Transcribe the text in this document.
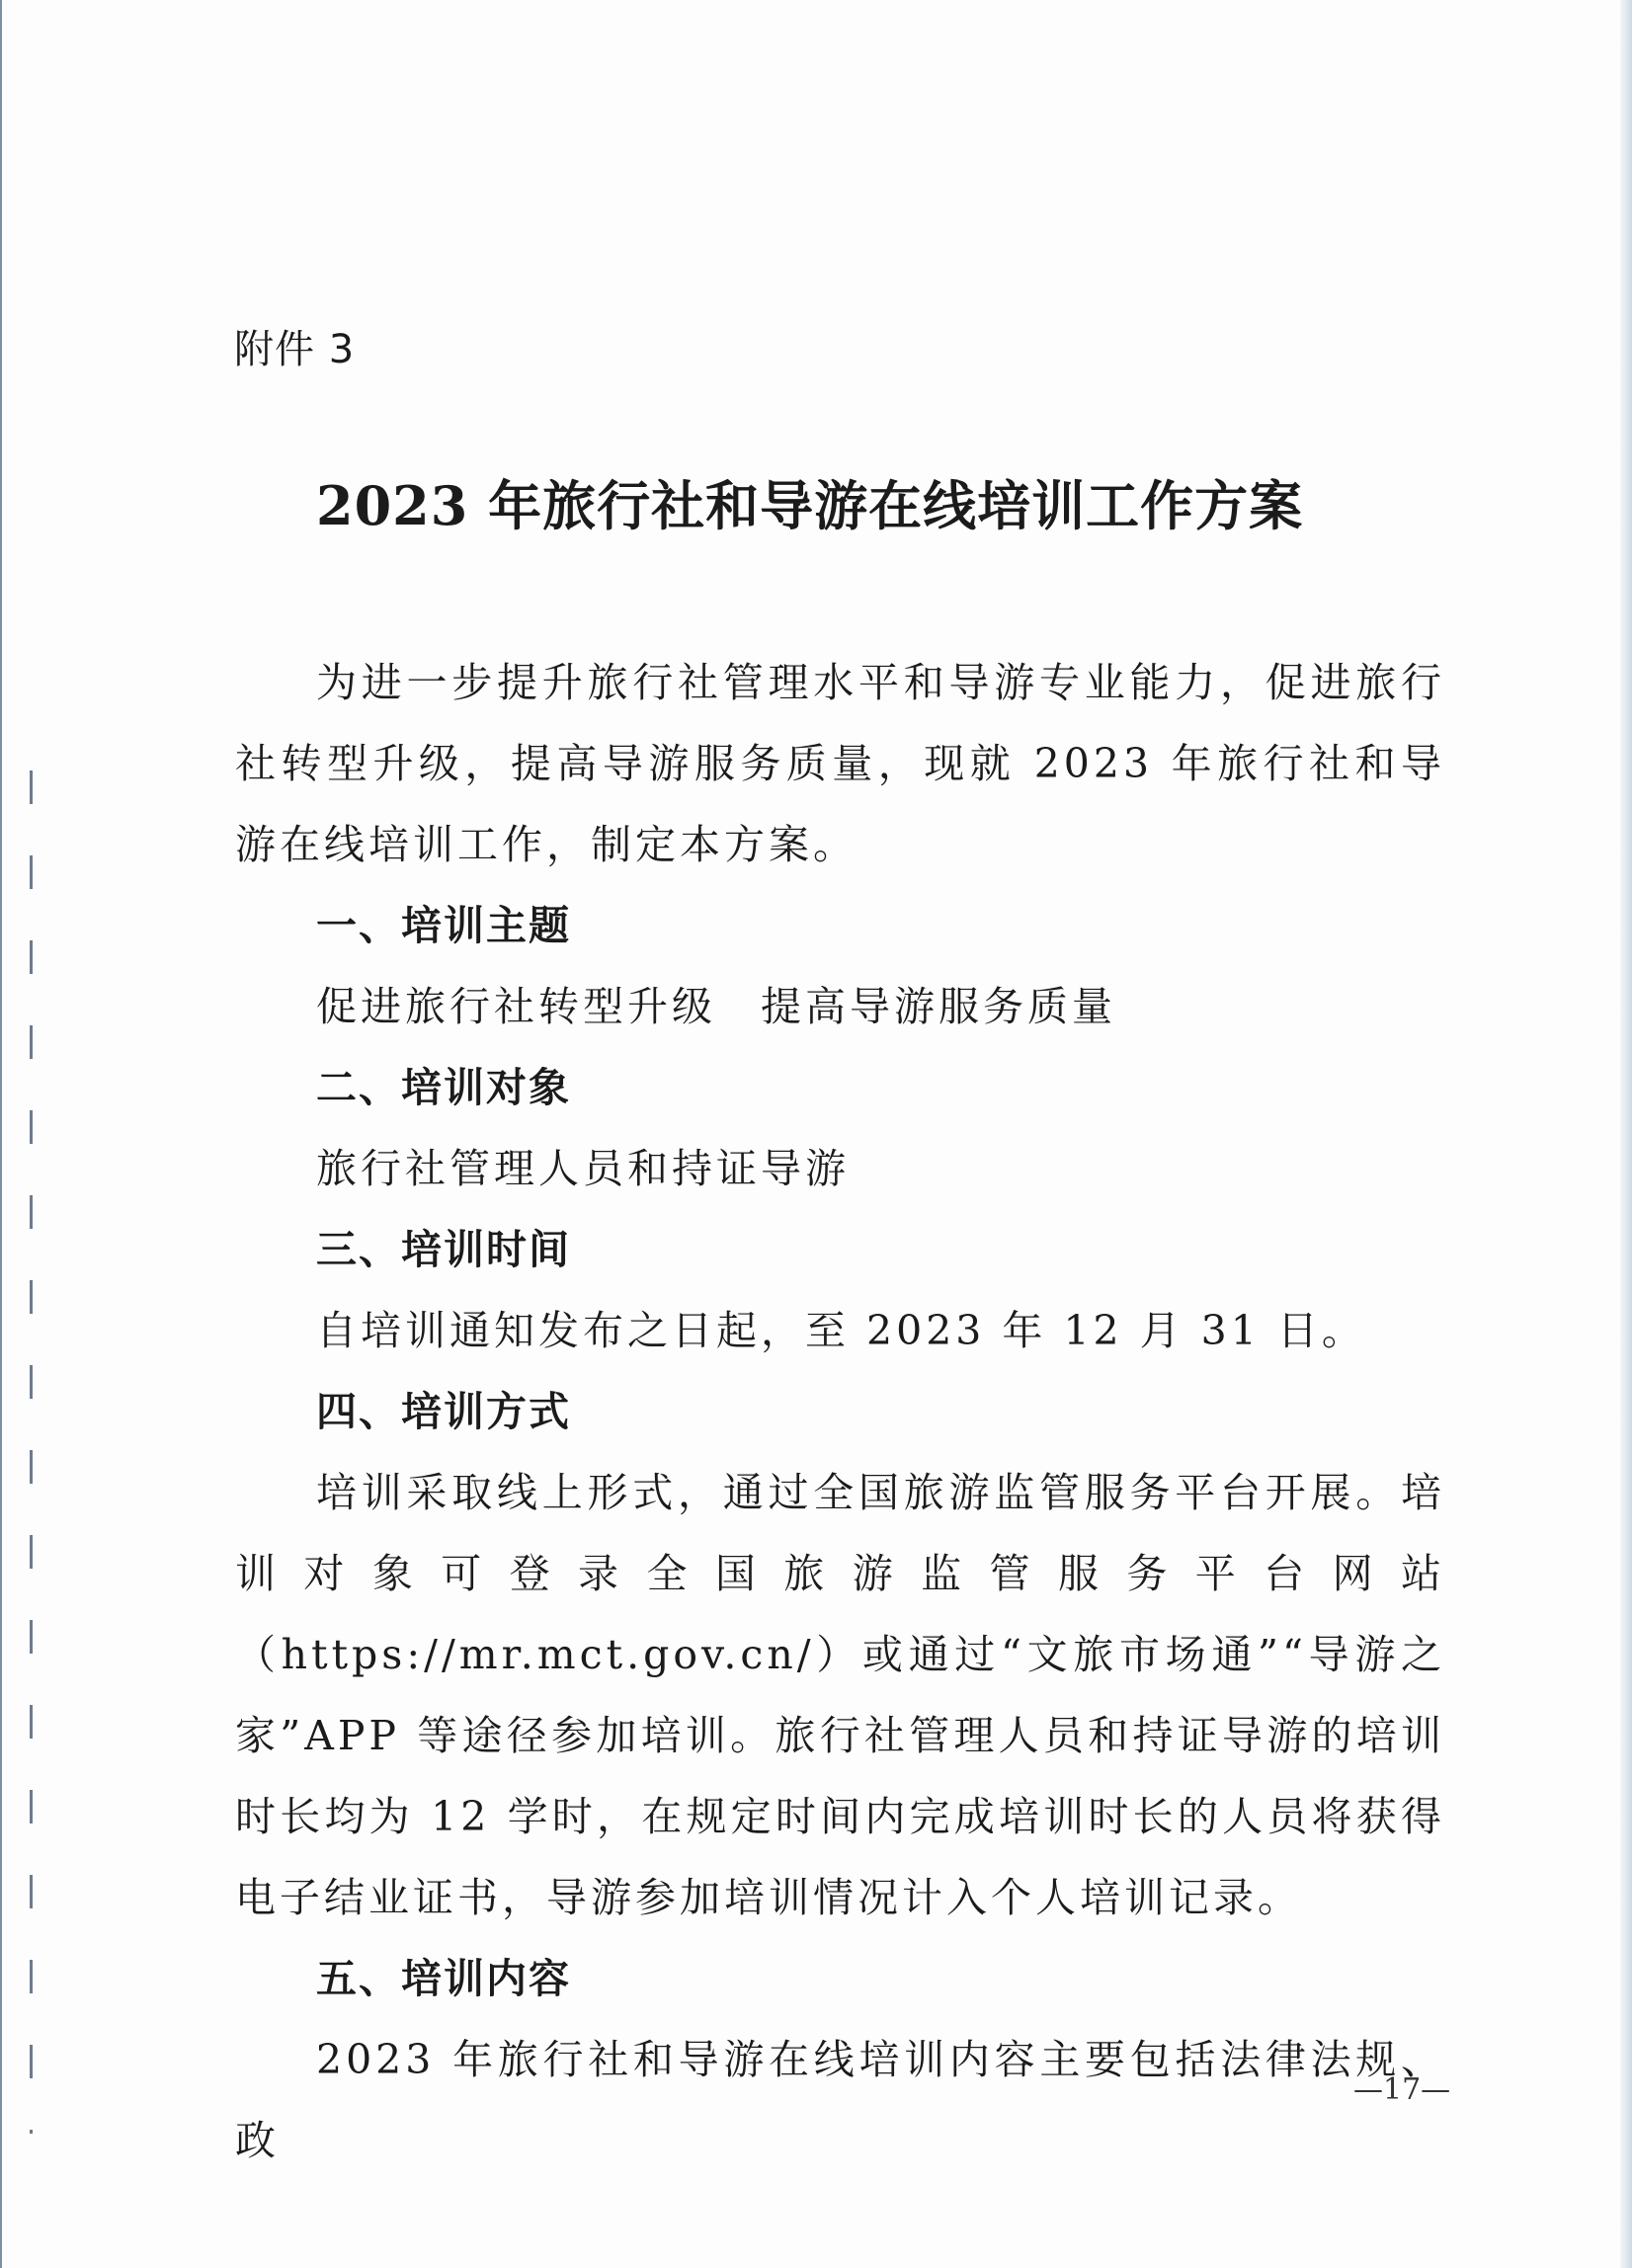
附件 3
2023 年旅行社和导游在线培训工作方案

为进一步提升旅行社管理水平和导游专业能力，促进旅行社转型升级，提高导游服务质量，现就 2023 年旅行社和导游在线培训工作，制定本方案。

一、培训主题

促进旅行社转型升级　提高导游服务质量

二、培训对象

旅行社管理人员和持证导游

三、培训时间

自培训通知发布之日起，至 2023 年 12 月 31 日。

四、培训方式

培训采取线上形式，通过全国旅游监管服务平台开展。培训对象可登录全国旅游监管服务平台网站（https://mr.mct.gov.cn/）或通过“文旅市场通”“导游之家”APP 等途径参加培训。旅行社管理人员和持证导游的培训时长均为 12 学时，在规定时间内完成培训时长的人员将获得电子结业证书，导游参加培训情况计入个人培训记录。

五、培训内容

2023 年旅行社和导游在线培训内容主要包括法律法规、政

—17—
